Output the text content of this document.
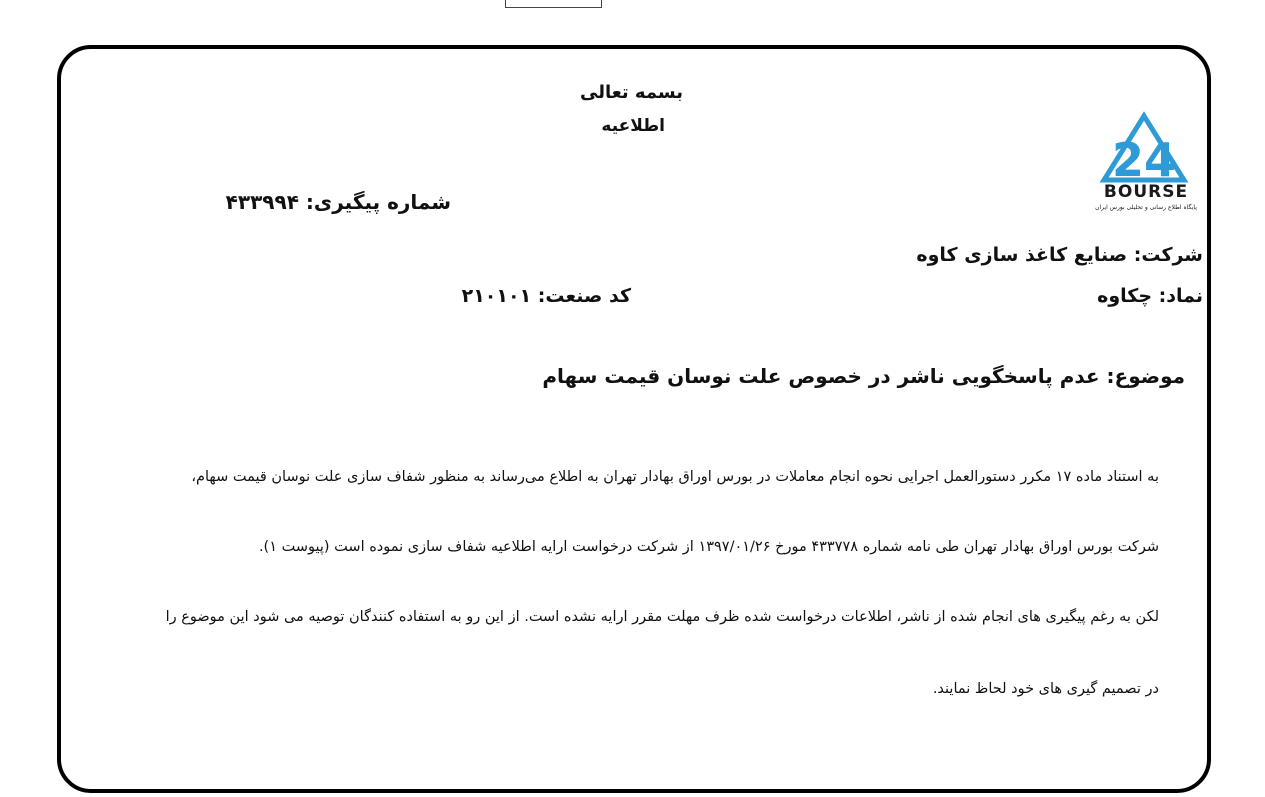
بسمه تعالی
اطلاعیه
شماره پیگیری: ۴۳۳۹۹۴
24
BOURSE
پایگاه اطلاع رسانی و تحلیلی بورس ایران
شرکت: صنایع کاغذ سازی کاوه
نماد: چکاوه
کد صنعت: ۲۱۰۱۰۱
موضوع: عدم پاسخگویی ناشر در خصوص علت نوسان قیمت سهام
به استناد ماده ۱۷ مکرر دستورالعمل اجرایی نحوه انجام معاملات در بورس اوراق بهادار تهران به اطلاع می‌رساند به منظور شفاف سازی علت نوسان قیمت سهام،
شرکت بورس اوراق بهادار تهران طی نامه شماره ۴۳۳۷۷۸ مورخ ۱۳۹۷/۰۱/۲۶ از شرکت درخواست ارایه اطلاعیه شفاف سازی نموده است (پیوست ۱).
لکن به رغم پیگیری های انجام شده از ناشر، اطلاعات درخواست شده ظرف مهلت مقرر ارایه نشده است. از این رو به استفاده کنندگان توصیه می شود این موضوع را
در تصمیم گیری های خود لحاظ نمایند.
